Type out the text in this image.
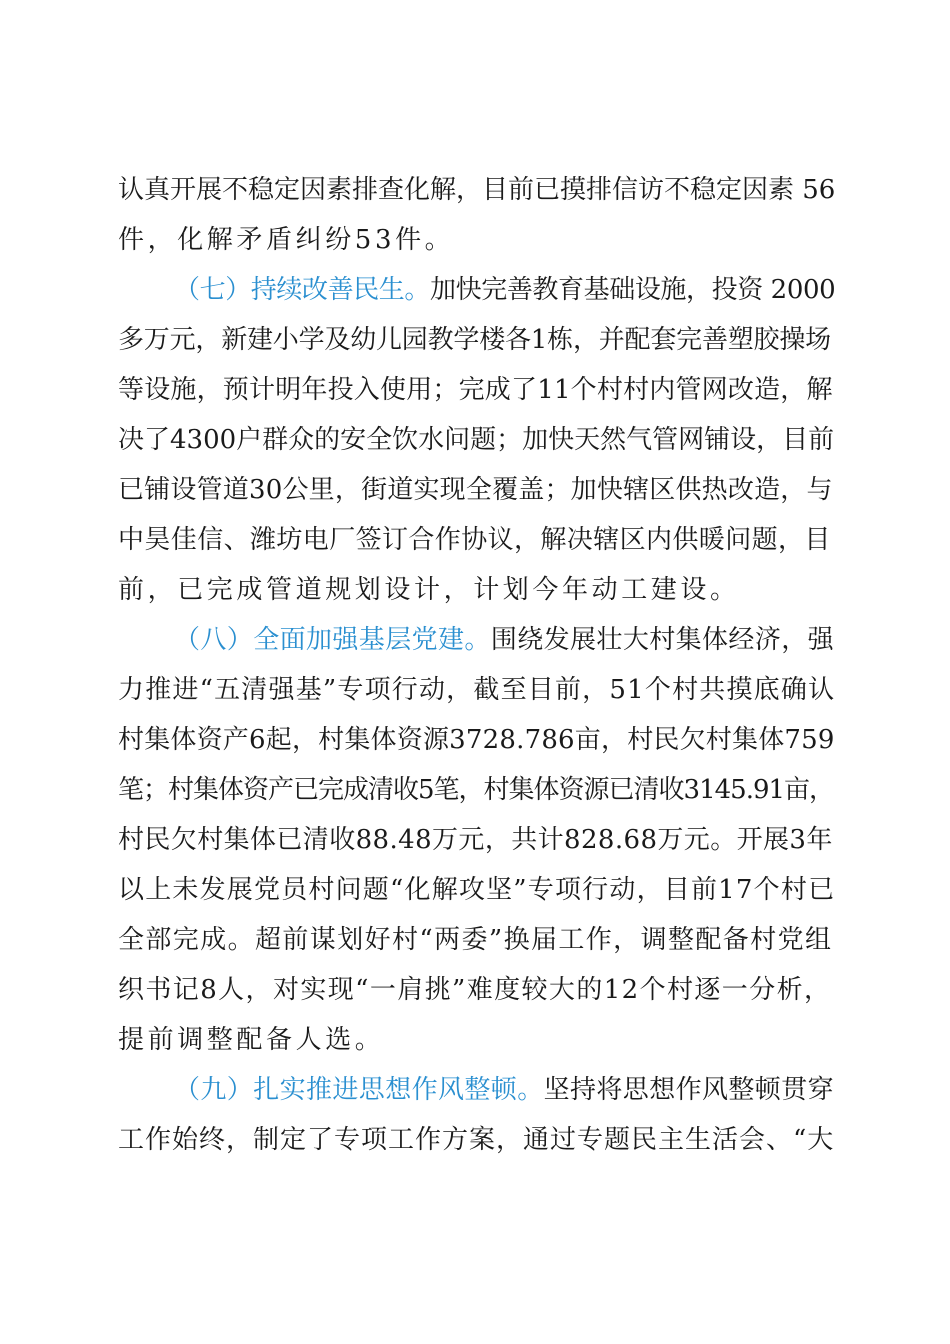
认真开展不稳定因素排查化解，目前已摸排信访不稳定因素 56
件，化解矛盾纠纷53件。
（七）持续改善民生。加快完善教育基础设施，投资 2000
多万元，新建小学及幼儿园教学楼各1栋，并配套完善塑胶操场
等设施，预计明年投入使用；完成了11个村村内管网改造，解
决了4300户群众的安全饮水问题；加快天然气管网铺设，目前
已铺设管道30公里，街道实现全覆盖；加快辖区供热改造，与
中昊佳信、潍坊电厂签订合作协议，解决辖区内供暖问题，目
前，已完成管道规划设计，计划今年动工建设。
（八）全面加强基层党建。围绕发展壮大村集体经济，强
力推进“五清强基”专项行动，截至目前，51个村共摸底确认
村集体资产6起，村集体资源3728.786亩，村民欠村集体759
笔；村集体资产已完成清收5笔，村集体资源已清收3145.91亩，
村民欠村集体已清收88.48万元，共计828.68万元。开展3年
以上未发展党员村问题“化解攻坚”专项行动，目前17个村已
全部完成。超前谋划好村“两委”换届工作，调整配备村党组
织书记8人，对实现“一肩挑”难度较大的12个村逐一分析，
提前调整配备人选。
（九）扎实推进思想作风整顿。坚持将思想作风整顿贯穿
工作始终，制定了专项工作方案，通过专题民主生活会、“大
